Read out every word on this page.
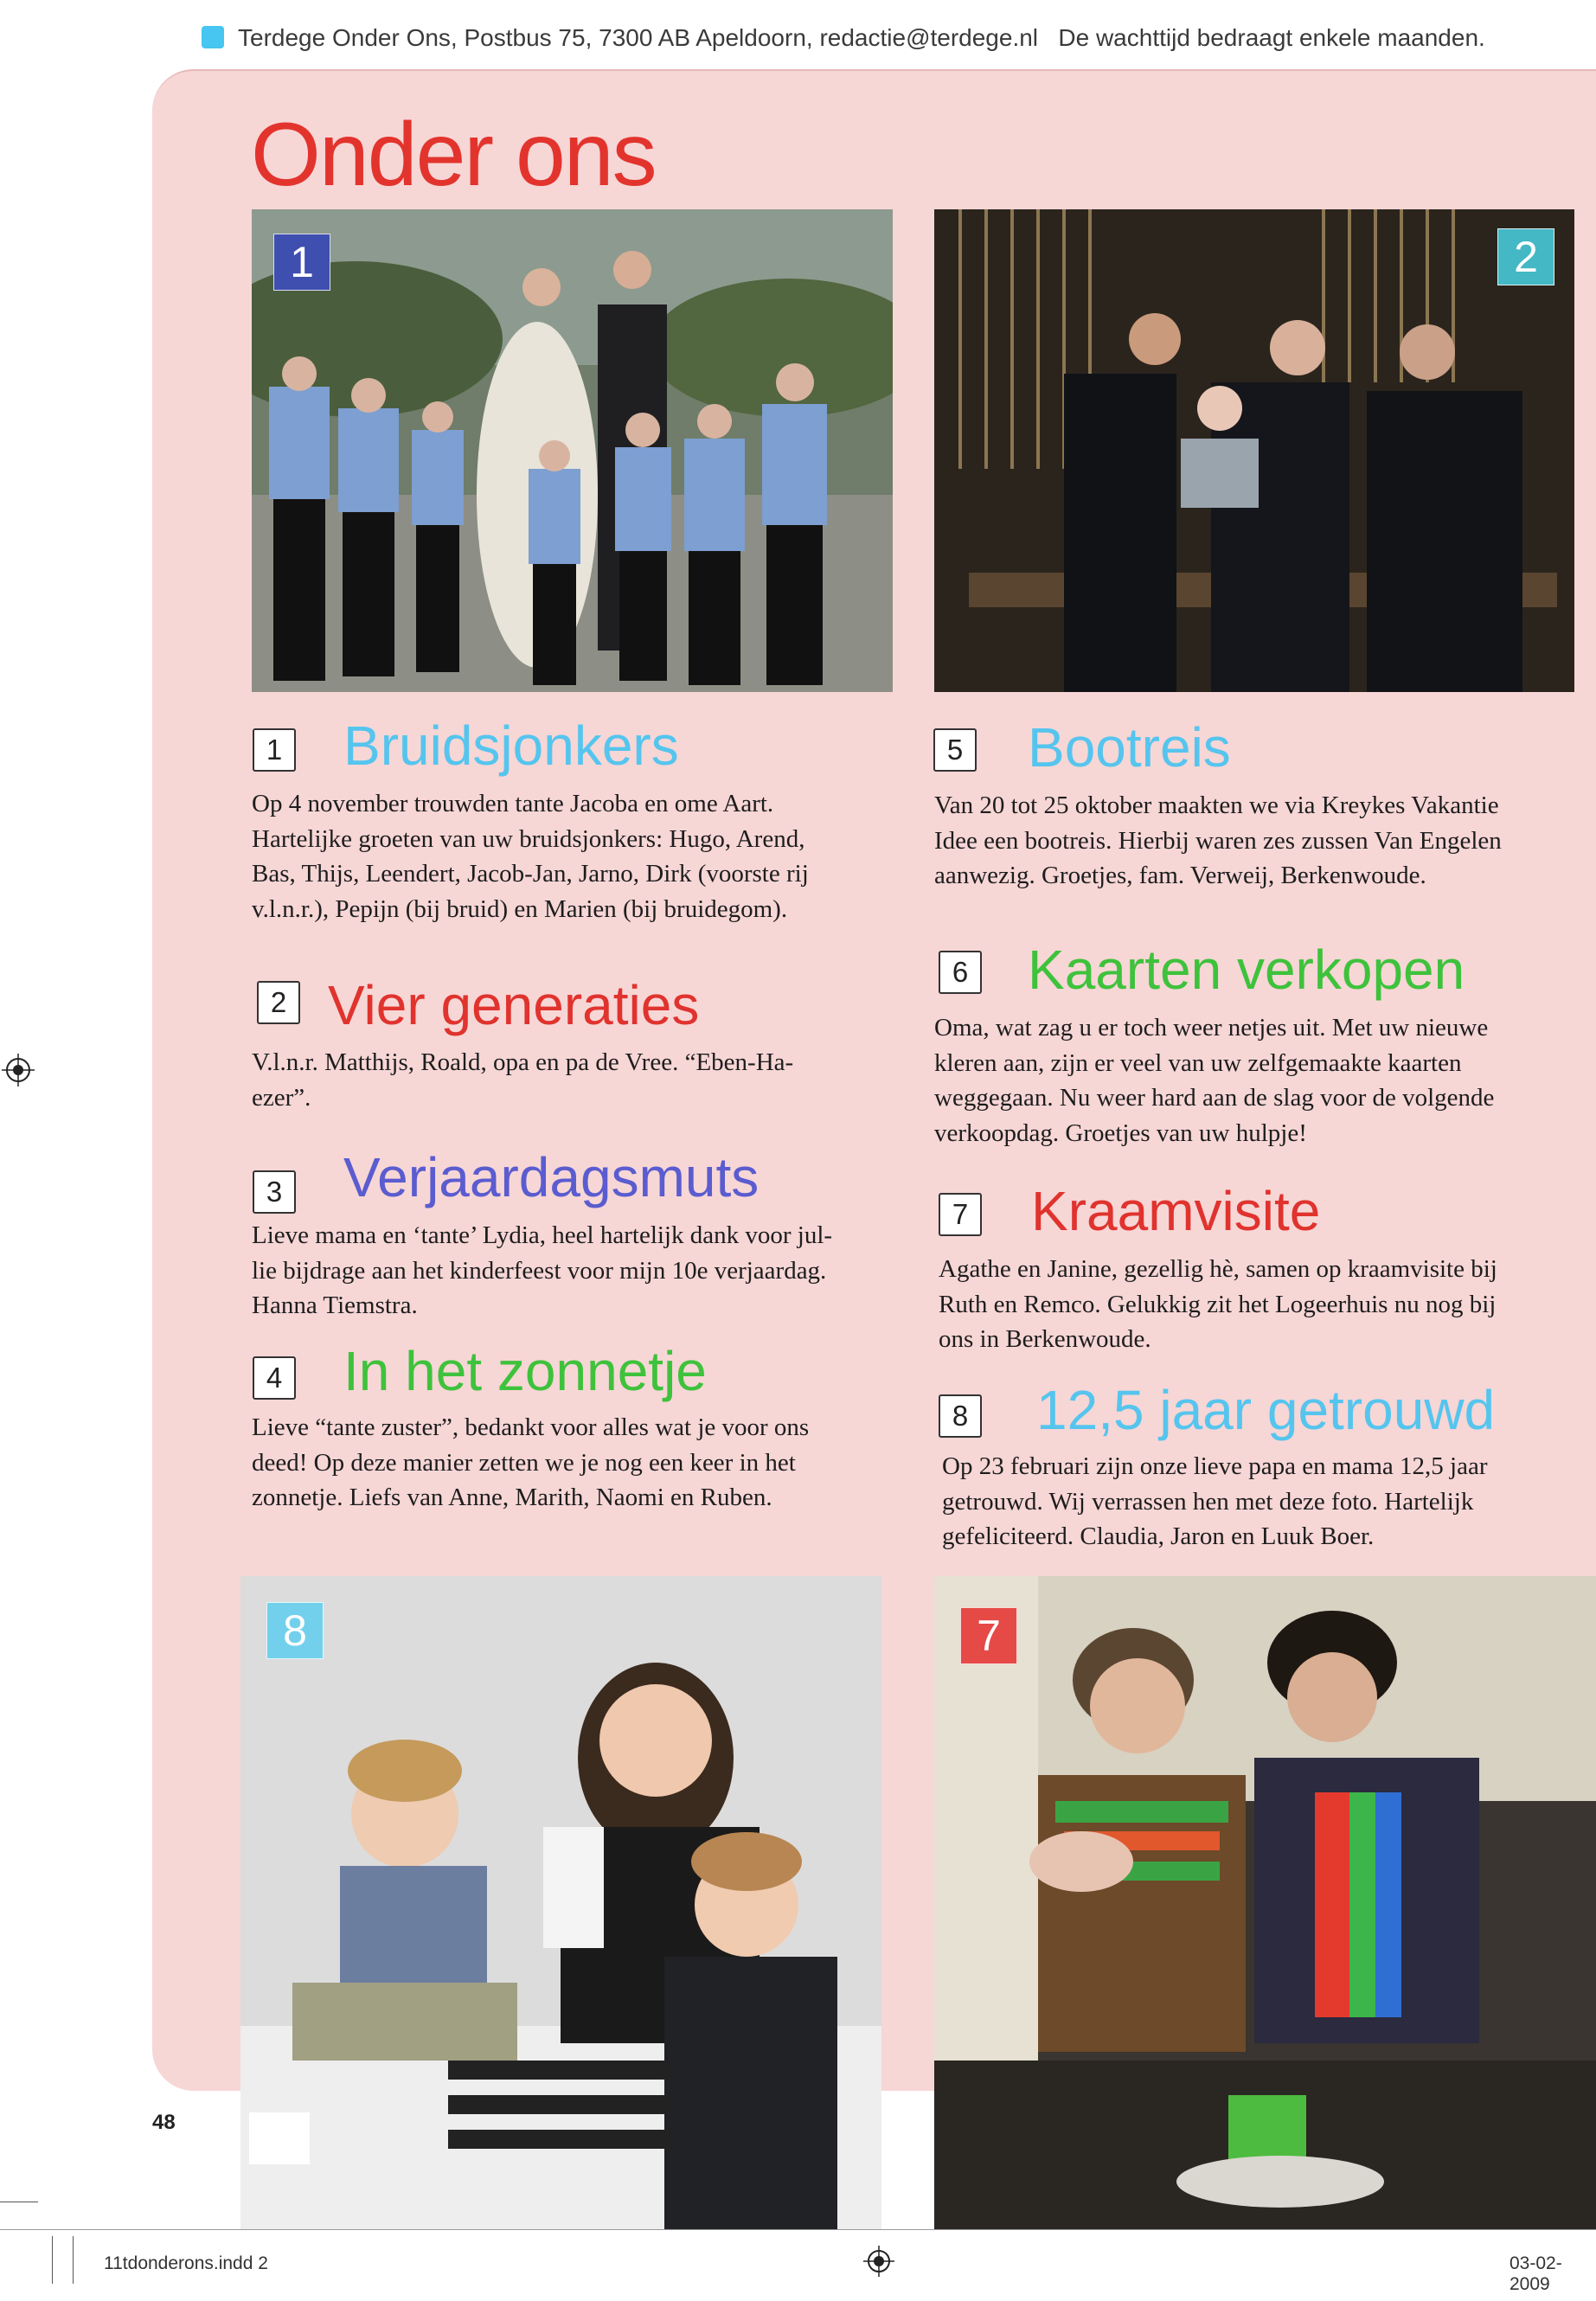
Terdege Onder Ons, Postbus 75, 7300 AB Apeldoorn, redactie@terdege.nl De wachttijd bedraagt enkele maanden.
Onder ons
1	2
1 Bruidsjonkers
Op 4 november trouwden tante Jacoba en ome Aart.
Hartelijke groeten van uw bruidsjonkers: Hugo, Arend,
Bas, Thijs, Leendert, Jacob-Jan, Jarno, Dirk (voorste rij
v.l.n.r.), Pepijn (bij bruid) en Marien (bij bruidegom).
2 Vier generaties
V.l.n.r. Matthijs, Roald, opa en pa de Vree. “Eben-Ha-
ezer”.
3 Verjaardagsmuts
Lieve mama en ‘tante’ Lydia, heel hartelijk dank voor jul-
lie bijdrage aan het kinderfeest voor mijn 10e verjaardag.
Hanna Tiemstra.
4 In het zonnetje
Lieve “tante zuster”, bedankt voor alles wat je voor ons
deed! Op deze manier zetten we je nog een keer in het
zonnetje. Liefs van Anne, Marith, Naomi en Ruben.
5 Bootreis
Van 20 tot 25 oktober maakten we via Kreykes Vakantie
Idee een bootreis. Hierbij waren zes zussen Van Engelen
aanwezig. Groetjes, fam. Verweij, Berkenwoude.
6 Kaarten verkopen
Oma, wat zag u er toch weer netjes uit. Met uw nieuwe
kleren aan, zijn er veel van uw zelfgemaakte kaarten
weggegaan. Nu weer hard aan de slag voor de volgende
verkoopdag. Groetjes van uw hulpje!
7 Kraamvisite
Agathe en Janine, gezellig hè, samen op kraamvisite bij
Ruth en Remco. Gelukkig zit het Logeerhuis nu nog bij
ons in Berkenwoude.
8 12,5 jaar getrouwd
Op 23 februari zijn onze lieve papa en mama 12,5 jaar
getrouwd. Wij verrassen hen met deze foto. Hartelijk
gefeliciteerd. Claudia, Jaron en Luuk Boer.
8	7
48
11tdonderons.indd 2	03-02-2009
